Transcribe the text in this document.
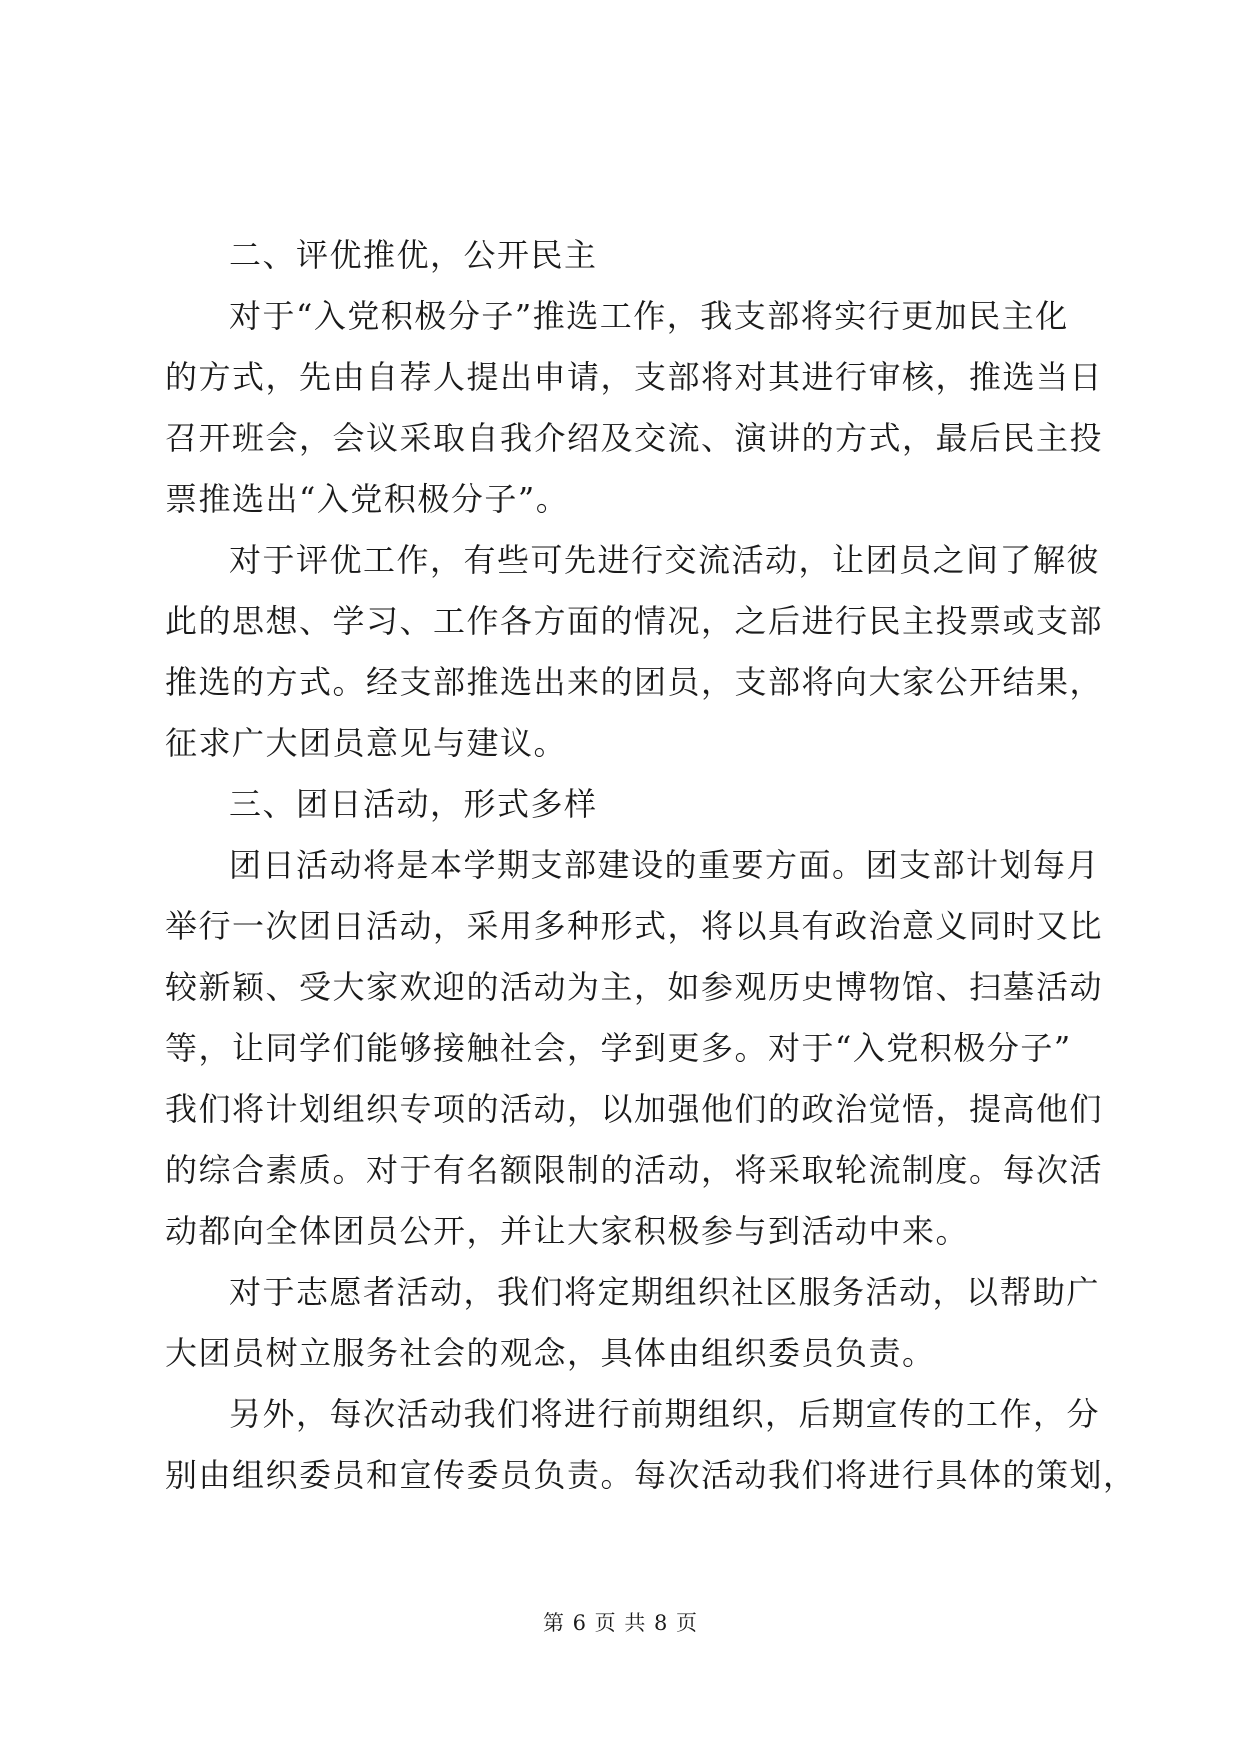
二、评优推优，公开民主
对于“入党积极分子”推选工作，我支部将实行更加民主化
的方式，先由自荐人提出申请，支部将对其进行审核，推选当日
召开班会，会议采取自我介绍及交流、演讲的方式，最后民主投
票推选出“入党积极分子”。
对于评优工作，有些可先进行交流活动，让团员之间了解彼
此的思想、学习、工作各方面的情况，之后进行民主投票或支部
推选的方式。经支部推选出来的团员，支部将向大家公开结果，
征求广大团员意见与建议。
三、团日活动，形式多样
团日活动将是本学期支部建设的重要方面。团支部计划每月
举行一次团日活动，采用多种形式，将以具有政治意义同时又比
较新颖、受大家欢迎的活动为主，如参观历史博物馆、扫墓活动
等，让同学们能够接触社会，学到更多。对于“入党积极分子”
我们将计划组织专项的活动，以加强他们的政治觉悟，提高他们
的综合素质。对于有名额限制的活动，将采取轮流制度。每次活
动都向全体团员公开，并让大家积极参与到活动中来。
对于志愿者活动，我们将定期组织社区服务活动，以帮助广
大团员树立服务社会的观念，具体由组织委员负责。
另外，每次活动我们将进行前期组织，后期宣传的工作，分
别由组织委员和宣传委员负责。每次活动我们将进行具体的策划，
第 6 页 共 8 页
